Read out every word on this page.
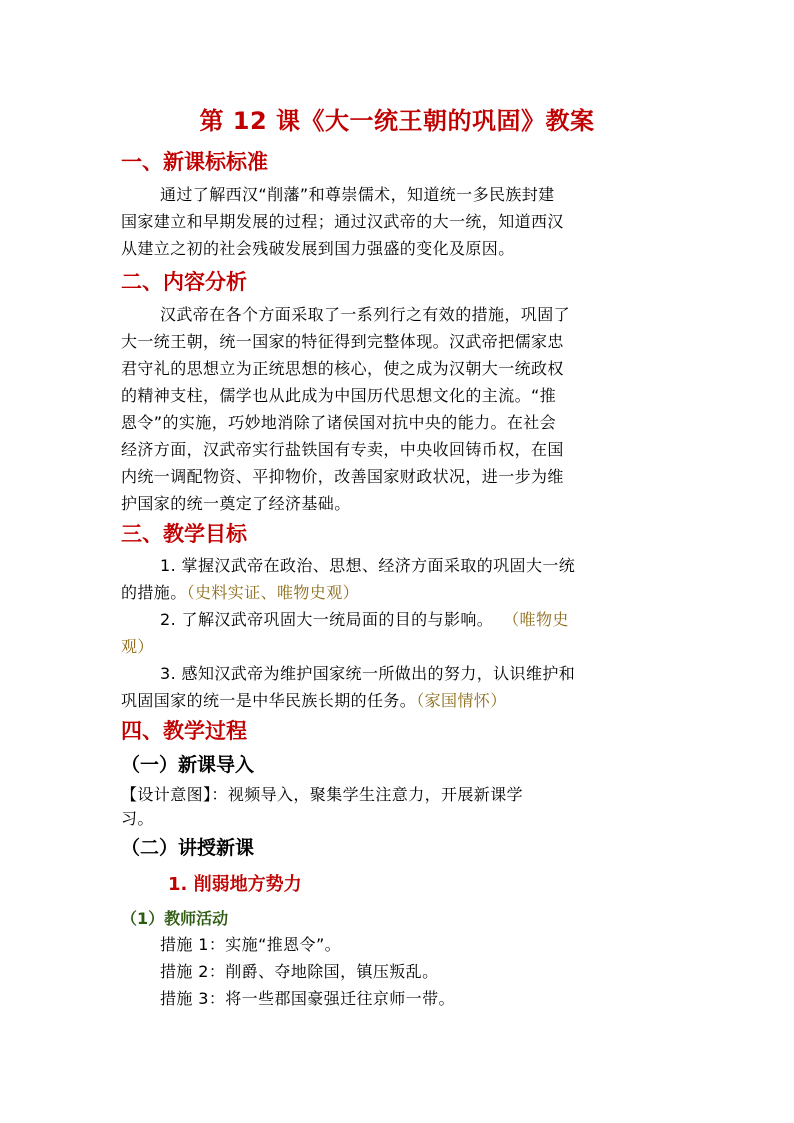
第 12 课《大一统王朝的巩固》教案
一、新课标标准
通过了解西汉“削藩”和尊崇儒术，知道统一多民族封建
国家建立和早期发展的过程；通过汉武帝的大一统，知道西汉
从建立之初的社会残破发展到国力强盛的变化及原因。
二、内容分析
汉武帝在各个方面采取了一系列行之有效的措施，巩固了
大一统王朝，统一国家的特征得到完整体现。汉武帝把儒家忠
君守礼的思想立为正统思想的核心，使之成为汉朝大一统政权
的精神支柱，儒学也从此成为中国历代思想文化的主流。“推
恩令”的实施，巧妙地消除了诸侯国对抗中央的能力。在社会
经济方面，汉武帝实行盐铁国有专卖，中央收回铸币权，在国
内统一调配物资、平抑物价，改善国家财政状况，进一步为维
护国家的统一奠定了经济基础。
三、教学目标
1. 掌握汉武帝在政治、思想、经济方面采取的巩固大一统
的措施。（史料实证、唯物史观）
2. 了解汉武帝巩固大一统局面的目的与影响。 （唯物史
观）
3. 感知汉武帝为维护国家统一所做出的努力，认识维护和
巩固国家的统一是中华民族长期的任务。（家国情怀）
四、教学过程
（一）新课导入
【设计意图】：视频导入，聚集学生注意力，开展新课学
习。
（二）讲授新课
1. 削弱地方势力
（1）教师活动
措施 1：实施“推恩令”。
措施 2：削爵、夺地除国，镇压叛乱。
措施 3：将一些郡国豪强迁往京师一带。
